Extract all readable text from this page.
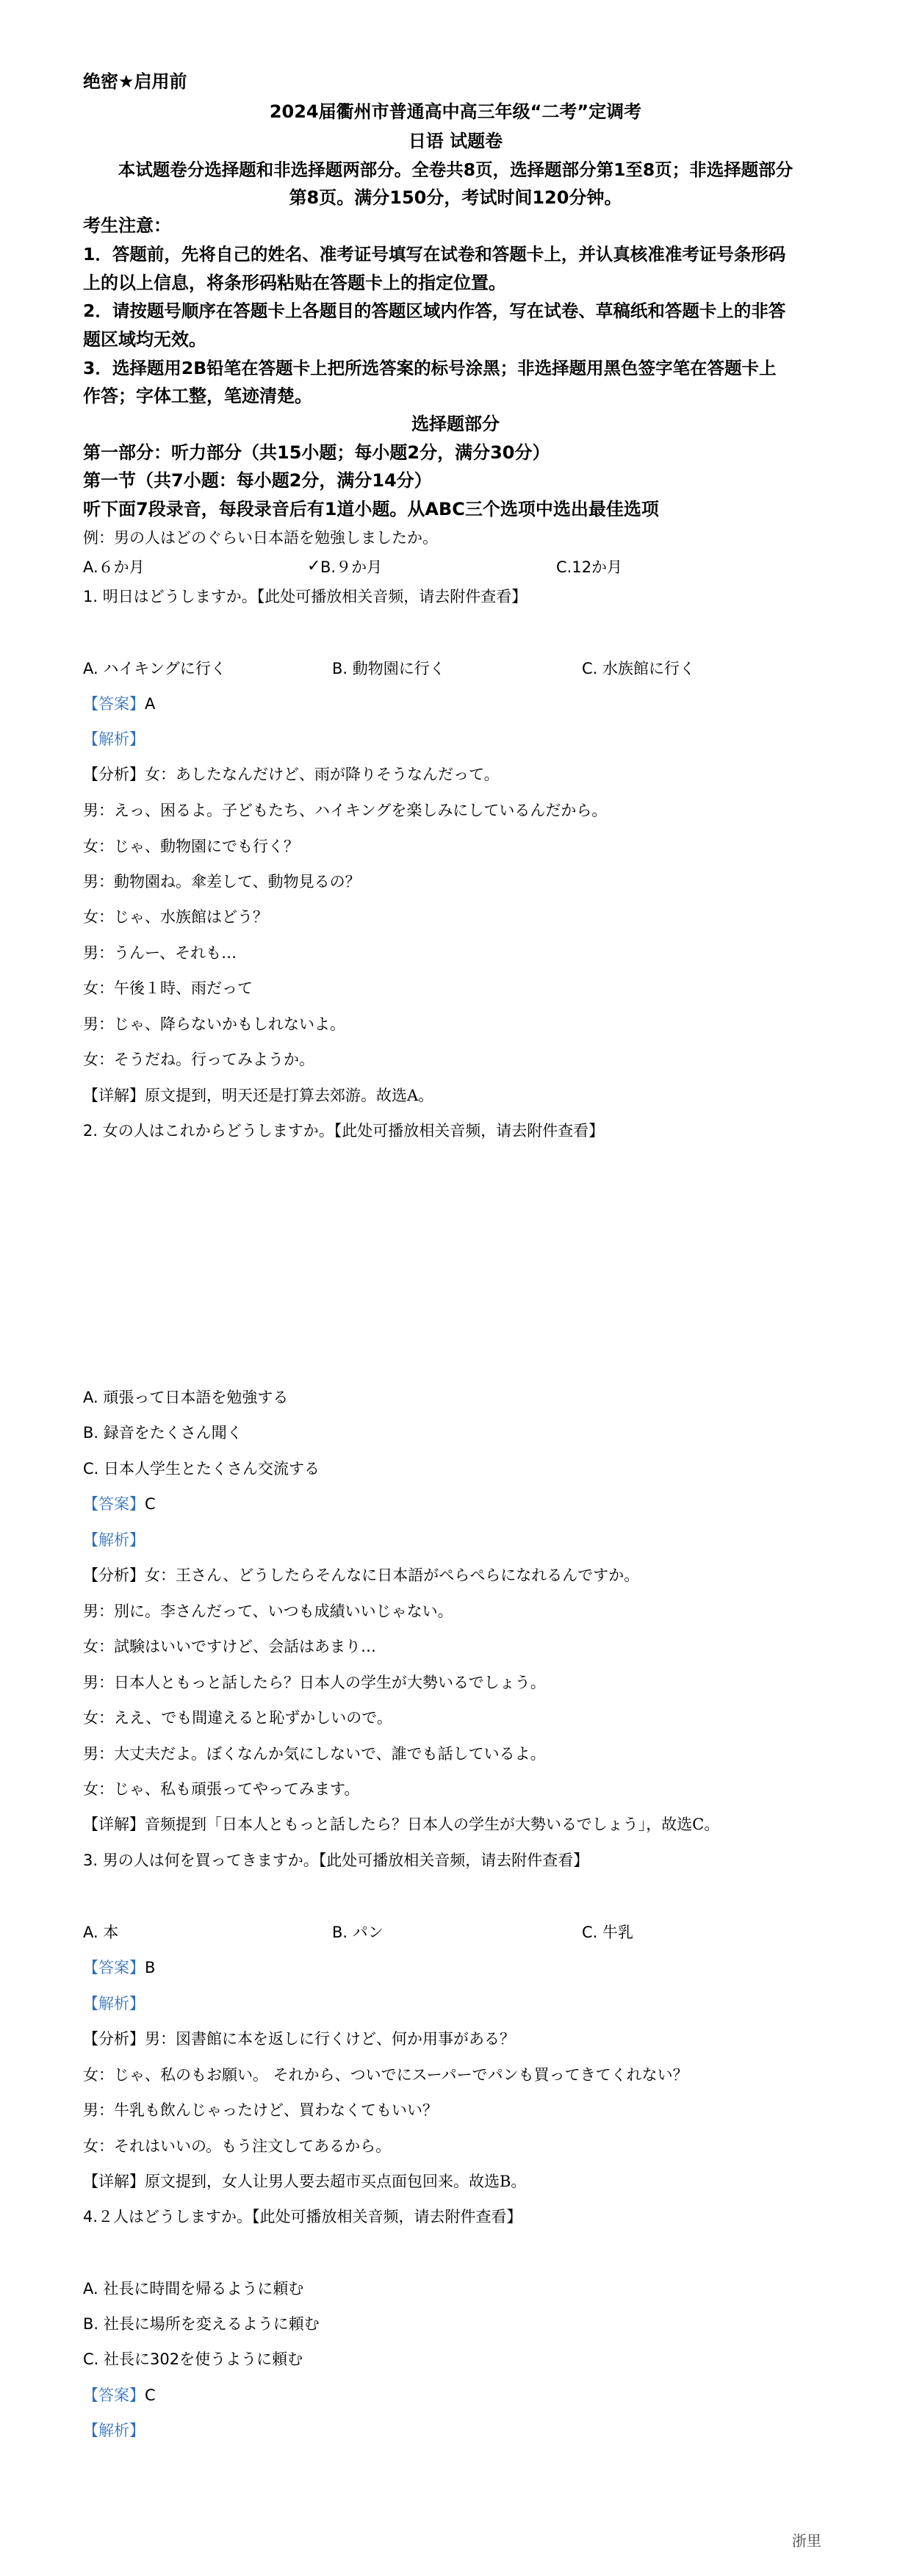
绝密★启用前
2024届衢州市普通高中高三年级“二考”定调考
日语 试题卷
本试题卷分选择题和非选择题两部分。全卷共8页，选择题部分第1至8页；非选择题部分
第8页。满分150分，考试时间120分钟。
考生注意：
1．答题前，先将自己的姓名、准考证号填写在试卷和答题卡上，并认真核准准考证号条形码
上的以上信息，将条形码粘贴在答题卡上的指定位置。
2．请按题号顺序在答题卡上各题目的答题区域内作答，写在试卷、草稿纸和答题卡上的非答
题区域均无效。
3．选择题用2B铅笔在答题卡上把所选答案的标号涂黑；非选择题用黑色签字笔在答题卡上
作答；字体工整，笔迹清楚。
选择题部分
第一部分：听力部分（共15小题；每小题2分，满分30分）
第一节（共7小题：每小题2分，满分14分）
听下面7段录音，每段录音后有1道小题。从ABC三个选项中选出最佳选项
例：男の人はどのぐらい日本語を勉強しましたか。
A.６か月	✓ B.９か月	C.12か月
1. 明日はどうしますか。【此处可播放相关音频，请去附件查看】
A. ハイキングに行く	B. 動物園に行く	C. 水族館に行く
【答案】A
【解析】
【分析】女：あしたなんだけど、雨が降りそうなんだって。
男：えっ、困るよ。子どもたち、ハイキングを楽しみにしているんだから。
女：じゃ、動物園にでも行く？
男：動物園ね。傘差して、動物見るの？
女：じゃ、水族館はどう？
男：うんー、それも…
女：午後１時、雨だって
男：じゃ、降らないかもしれないよ。
女：そうだね。行ってみようか。
【详解】原文提到，明天还是打算去郊游。故选A。
2. 女の人はこれからどうしますか。【此处可播放相关音频，请去附件查看】
A. 頑張って日本語を勉強する
B. 録音をたくさん聞く
C. 日本人学生とたくさん交流する
【答案】C
【解析】
【分析】女：王さん、どうしたらそんなに日本語がぺらぺらになれるんですか。
男：別に。李さんだって、いつも成績いいじゃない。
女：試験はいいですけど、会話はあまり…
男：日本人ともっと話したら？日本人の学生が大勢いるでしょう。
女：ええ、でも間違えると恥ずかしいので。
男：大丈夫だよ。ぼくなんか気にしないで、誰でも話しているよ。
女：じゃ、私も頑張ってやってみます。
【详解】音频提到「日本人ともっと話したら？日本人の学生が大勢いるでしょう」，故选C。
3. 男の人は何を買ってきますか。【此处可播放相关音频，请去附件查看】
A. 本	B. パン	C. 牛乳
【答案】B
【解析】
【分析】男：図書館に本を返しに行くけど、何か用事がある？
女：じゃ、私のもお願い。 それから、ついでにスーパーでパンも買ってきてくれない？
男：牛乳も飲んじゃったけど、買わなくてもいい？
女：それはいいの。もう注文してあるから。
【详解】原文提到，女人让男人要去超市买点面包回来。故选B。
4.２人はどうしますか。【此处可播放相关音频，请去附件查看】
A. 社長に時間を帰るように頼む
B. 社長に場所を変えるように頼む
C. 社長に302を使うように頼む
【答案】C
【解析】
浙里
